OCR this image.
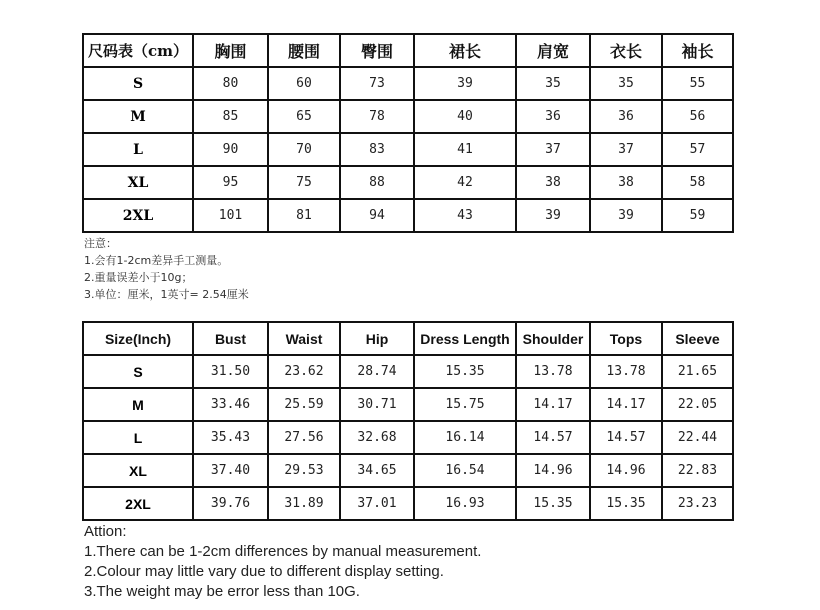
尺码表（cm）	胸围	腰围	臀围	裙长	肩宽	衣长	袖长
S	80	60	73	39	35	35	55
M	85	65	78	40	36	36	56
L	90	70	83	41	37	37	57
XL	95	75	88	42	38	38	58
2XL	101	81	94	43	39	39	59
注意：
1.会有1-2cm差异手工测量。
2.重量误差小于10g；
3.单位：厘米，1英寸= 2.54厘米
Size(Inch)	Bust	Waist	Hip	Dress Length	Shoulder	Tops	Sleeve
S	31.50	23.62	28.74	15.35	13.78	13.78	21.65
M	33.46	25.59	30.71	15.75	14.17	14.17	22.05
L	35.43	27.56	32.68	16.14	14.57	14.57	22.44
XL	37.40	29.53	34.65	16.54	14.96	14.96	22.83
2XL	39.76	31.89	37.01	16.93	15.35	15.35	23.23
Attion:
1.There can be 1-2cm differences by manual measurement.
2.Colour may little vary due to different display setting.
3.The weight may be error less than 10G.
